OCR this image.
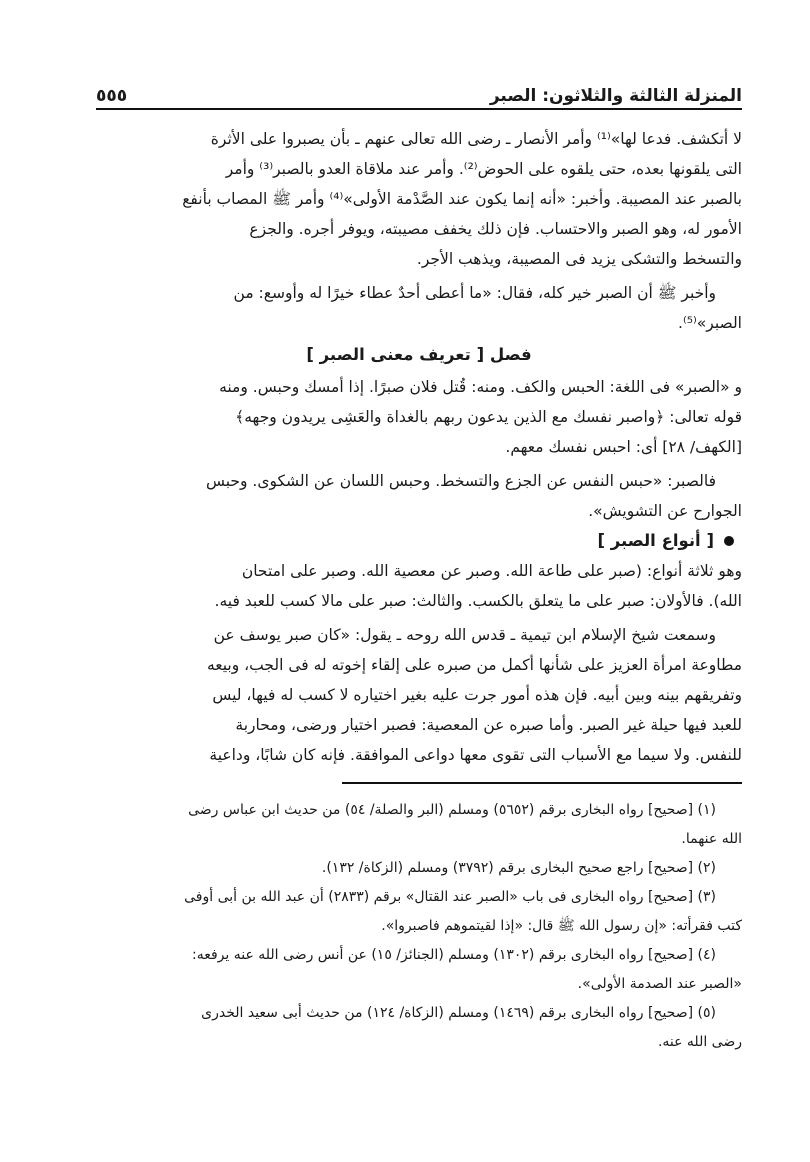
المنزلة الثالثة والثلاثون: الصبر
٥٥٥

لا أتكشف. فدعا لها»⁽¹⁾ وأمر الأنصار ـ رضى الله تعالى عنهم ـ بأن يصبروا على الأثرة

التى يلقونها بعده، حتى يلقوه على الحوض⁽²⁾. وأمر عند ملاقاة العدو بالصبر⁽³⁾ وأمر

بالصبر عند المصيبة. وأخبر: «أنه إنما يكون عند الصَّدْمة الأولى»⁽⁴⁾ وأمر ﷺ المصاب بأنفع

الأمور له، وهو الصبر والاحتساب. فإن ذلك يخفف مصيبته، ويوفر أجره. والجزع

والتسخط والتشكى يزيد فى المصيبة، ويذهب الأجر.

وأخبر ﷺ أن الصبر خير كله، فقال: «ما أعطى أحدٌ عطاء خيرًا له وأوسع: من

الصبر»⁽⁵⁾.

فصل [ تعريف معنى الصبر ]

و «الصبر» فى اللغة: الحبس والكف. ومنه: قُتل فلان صبرًا. إذا أمسك وحبس. ومنه

قوله تعالى: ﴿واصبر نفسك مع الذين يدعون ربهم بالغداة والعَشِى يريدون وجهه﴾

[الكهف/ ٢٨] أى: احبس نفسك معهم.

فالصبر: «حبس النفس عن الجزع والتسخط. وحبس اللسان عن الشكوى. وحبس

الجوارح عن التشويش».

[ أنواع الصبر ]

وهو ثلاثة أنواع: (صبر على طاعة الله. وصبر عن معصية الله. وصبر على امتحان

الله). فالأولان: صبر على ما يتعلق بالكسب. والثالث: صبر على مالا كسب للعبد فيه.

وسمعت شيخ الإسلام ابن تيمية ـ قدس الله روحه ـ يقول: «كان صبر يوسف عن

مطاوعة امرأة العزيز على شأنها أكمل من صبره على إلقاء إخوته له فى الجب، وبيعه

وتفريقهم بينه وبين أبيه. فإن هذه أمور جرت عليه بغير اختياره لا كسب له فيها، ليس

للعبد فيها حيلة غير الصبر. وأما صبره عن المعصية: فصبر اختيار ورضى، ومحاربة

للنفس. ولا سيما مع الأسباب التى تقوى معها دواعى الموافقة. فإنه كان شابًا، وداعية

(١) [صحيح] رواه البخارى برقم (٥٦٥٢) ومسلم (البر والصلة/ ٥٤) من حديث ابن عباس رضى

الله عنهما.

(٢) [صحيح] راجع صحيح البخارى برقم (٣٧٩٢) ومسلم (الزكاة/ ١٣٢).

(٣) [صحيح] رواه البخارى فى باب «الصبر عند القتال» برقم (٢٨٣٣) أن عبد الله بن أبى أوفى

كتب فقرأته: «إن رسول الله ﷺ قال: «إذا لقيتموهم فاصبروا».

(٤) [صحيح] رواه البخارى برقم (١٣٠٢) ومسلم (الجنائز/ ١٥) عن أنس رضى الله عنه يرفعه:

«الصبر عند الصدمة الأولى».

(٥) [صحيح] رواه البخارى برقم (١٤٦٩) ومسلم (الزكاة/ ١٢٤) من حديث أبى سعيد الخدرى

رضى الله عنه.
